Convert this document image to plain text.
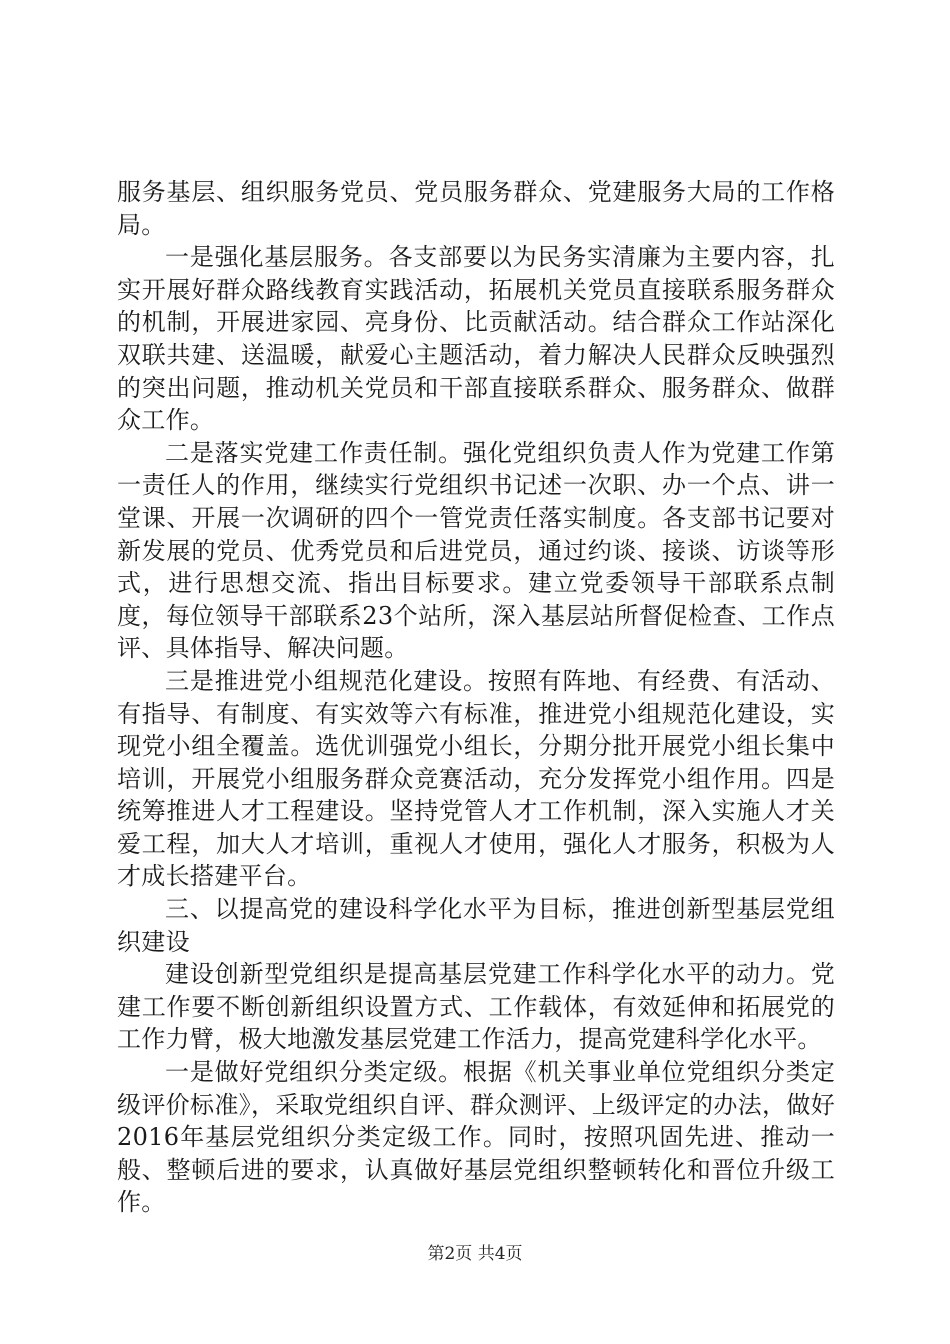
服务基层、组织服务党员、党员服务群众、党建服务大局的工作格局。

一是强化基层服务。各支部要以为民务实清廉为主要内容，扎实开展好群众路线教育实践活动，拓展机关党员直接联系服务群众的机制，开展进家园、亮身份、比贡献活动。结合群众工作站深化双联共建、送温暖，献爱心主题活动，着力解决人民群众反映强烈的突出问题，推动机关党员和干部直接联系群众、服务群众、做群众工作。

二是落实党建工作责任制。强化党组织负责人作为党建工作第一责任人的作用，继续实行党组织书记述一次职、办一个点、讲一堂课、开展一次调研的四个一管党责任落实制度。各支部书记要对新发展的党员、优秀党员和后进党员，通过约谈、接谈、访谈等形式，进行思想交流、指出目标要求。建立党委领导干部联系点制度，每位领导干部联系23个站所，深入基层站所督促检查、工作点评、具体指导、解决问题。

三是推进党小组规范化建设。按照有阵地、有经费、有活动、有指导、有制度、有实效等六有标准，推进党小组规范化建设，实现党小组全覆盖。选优训强党小组长，分期分批开展党小组长集中培训，开展党小组服务群众竞赛活动，充分发挥党小组作用。四是统筹推进人才工程建设。坚持党管人才工作机制，深入实施人才关爱工程，加大人才培训，重视人才使用，强化人才服务，积极为人才成长搭建平台。

三、以提高党的建设科学化水平为目标，推进创新型基层党组织建设

建设创新型党组织是提高基层党建工作科学化水平的动力。党建工作要不断创新组织设置方式、工作载体，有效延伸和拓展党的工作力臂，极大地激发基层党建工作活力，提高党建科学化水平。

一是做好党组织分类定级。根据《机关事业单位党组织分类定级评价标准》，采取党组织自评、群众测评、上级评定的办法，做好2016年基层党组织分类定级工作。同时，按照巩固先进、推动一般、整顿后进的要求，认真做好基层党组织整顿转化和晋位升级工作。

第2页 共4页
